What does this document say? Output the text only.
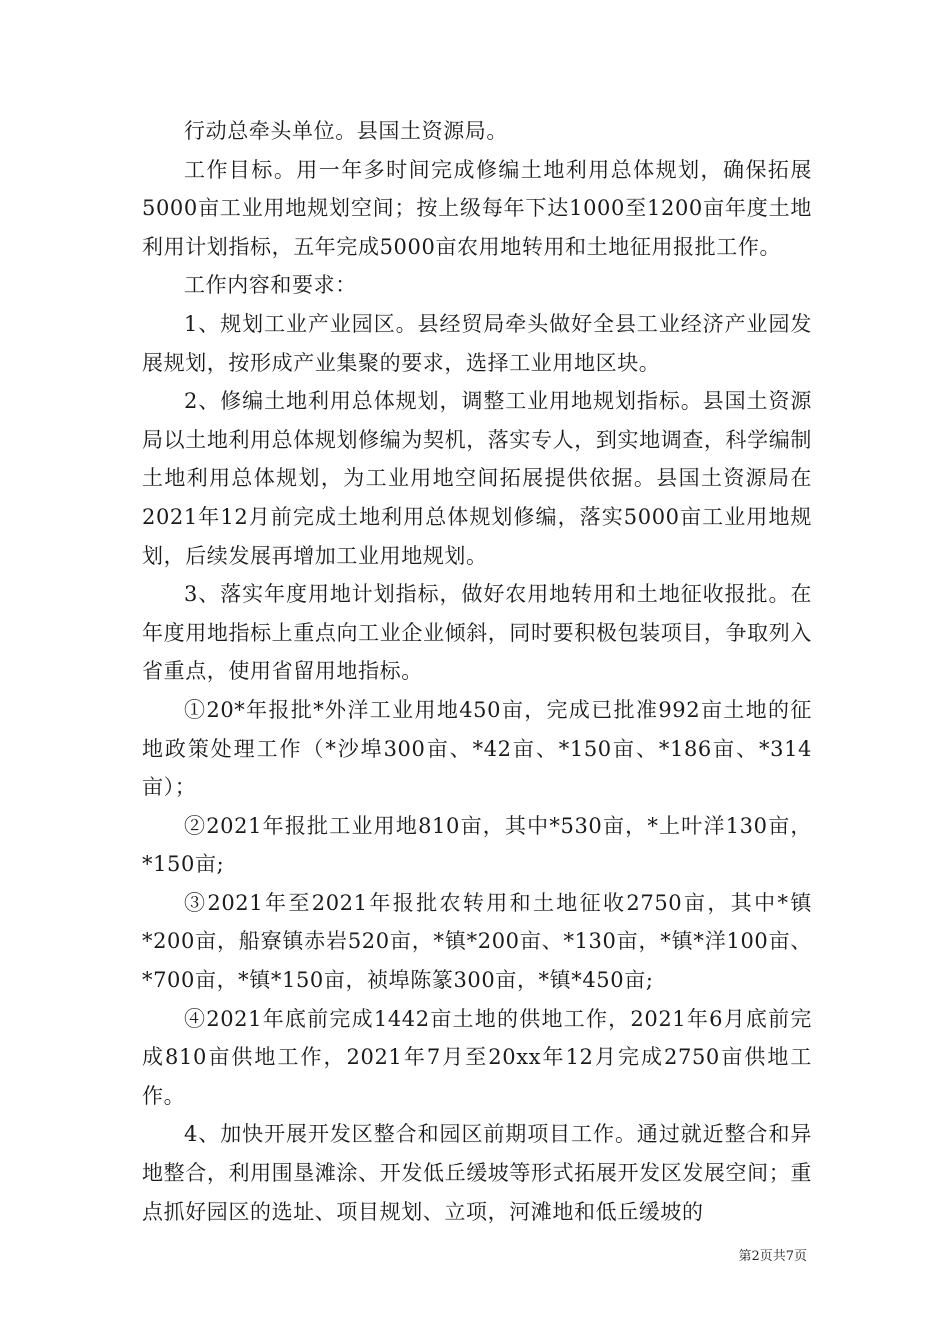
行动总牵头单位。县国土资源局。

工作目标。用一年多时间完成修编土地利用总体规划，确保拓展5000亩工业用地规划空间；按上级每年下达1000至1200亩年度土地利用计划指标，五年完成5000亩农用地转用和土地征用报批工作。

工作内容和要求：

1、规划工业产业园区。县经贸局牵头做好全县工业经济产业园发展规划，按形成产业集聚的要求，选择工业用地区块。

2、修编土地利用总体规划，调整工业用地规划指标。县国土资源局以土地利用总体规划修编为契机，落实专人，到实地调查，科学编制土地利用总体规划，为工业用地空间拓展提供依据。县国土资源局在2021年12月前完成土地利用总体规划修编，落实5000亩工业用地规划，后续发展再增加工业用地规划。

3、落实年度用地计划指标，做好农用地转用和土地征收报批。在年度用地指标上重点向工业企业倾斜，同时要积极包装项目，争取列入省重点，使用省留用地指标。

①20*年报批*外洋工业用地450亩，完成已批准992亩土地的征地政策处理工作（*沙埠300亩、*42亩、*150亩、*186亩、*314亩）；

②2021年报批工业用地810亩，其中*530亩，*上叶洋130亩，*150亩;

③2021年至2021年报批农转用和土地征收2750亩，其中*镇*200亩，船寮镇赤岩520亩，*镇*200亩、*130亩，*镇*洋100亩、*700亩，*镇*150亩，祯埠陈篆300亩，*镇*450亩;

④2021年底前完成1442亩土地的供地工作，2021年6月底前完成810亩供地工作，2021年7月至20xx年12月完成2750亩供地工作。

4、加快开展开发区整合和园区前期项目工作。通过就近整合和异地整合，利用围垦滩涂、开发低丘缓坡等形式拓展开发区发展空间；重点抓好园区的选址、项目规划、立项，河滩地和低丘缓坡的

第2页共7页
